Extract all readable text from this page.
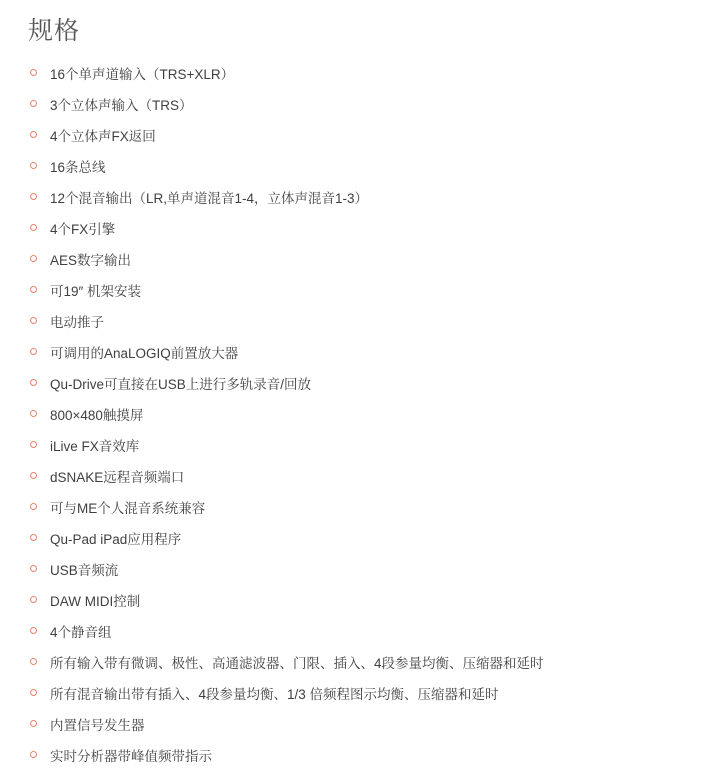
规格
16个单声道输入（TRS+XLR）
3个立体声输入（TRS）
4个立体声FX返回
16条总线
12个混音输出（LR,单声道混音1-4，立体声混音1-3）
4个FX引擎
AES数字输出
可19″ 机架安装
电动推子
可调用的AnaLOGIQ前置放大器
Qu-Drive可直接在USB上进行多轨录音/回放
800×480触摸屏
iLive FX音效库
dSNAKE远程音频端口
可与ME个人混音系统兼容
Qu-Pad iPad应用程序
USB音频流
DAW MIDI控制
4个静音组
所有输入带有微调、极性、高通滤波器、门限、插入、4段参量均衡、压缩器和延时
所有混音输出带有插入、4段参量均衡、1/3 倍频程图示均衡、压缩器和延时
内置信号发生器
实时分析器带峰值频带指示
